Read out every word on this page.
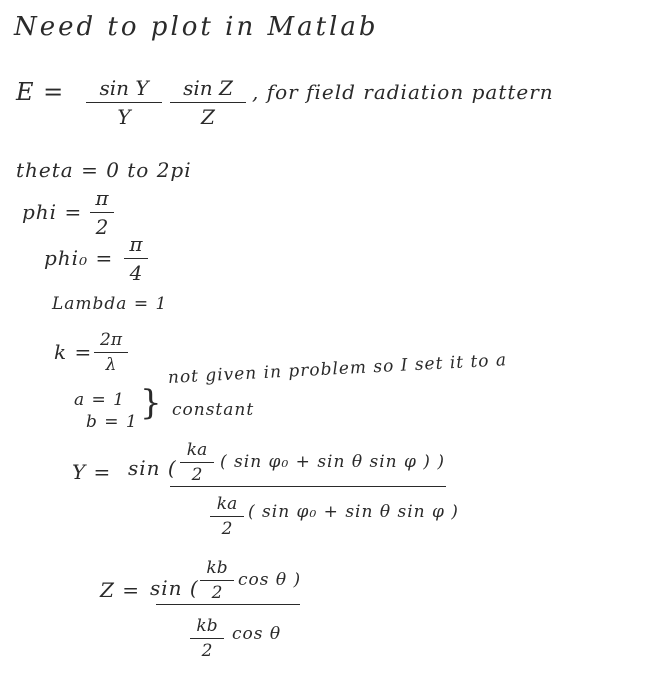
Need to plot in Matlab
E = sin Y
Y
sin Z
Z
, for field radiation pattern
theta = 0 to 2pi
phi =
π
2
phi₀ =
π
4
Lambda = 1
k = 2π
λ
a = 1
b = 1 }
not given in problem so I set it to a
constant
Y = sin (
ka
2
( sin φ₀ + sin θ sin φ ) )
ka
2
( sin φ₀ + sin θ sin φ )
Z = sin (
kb
2
cos θ )
kb
2
cos θ
